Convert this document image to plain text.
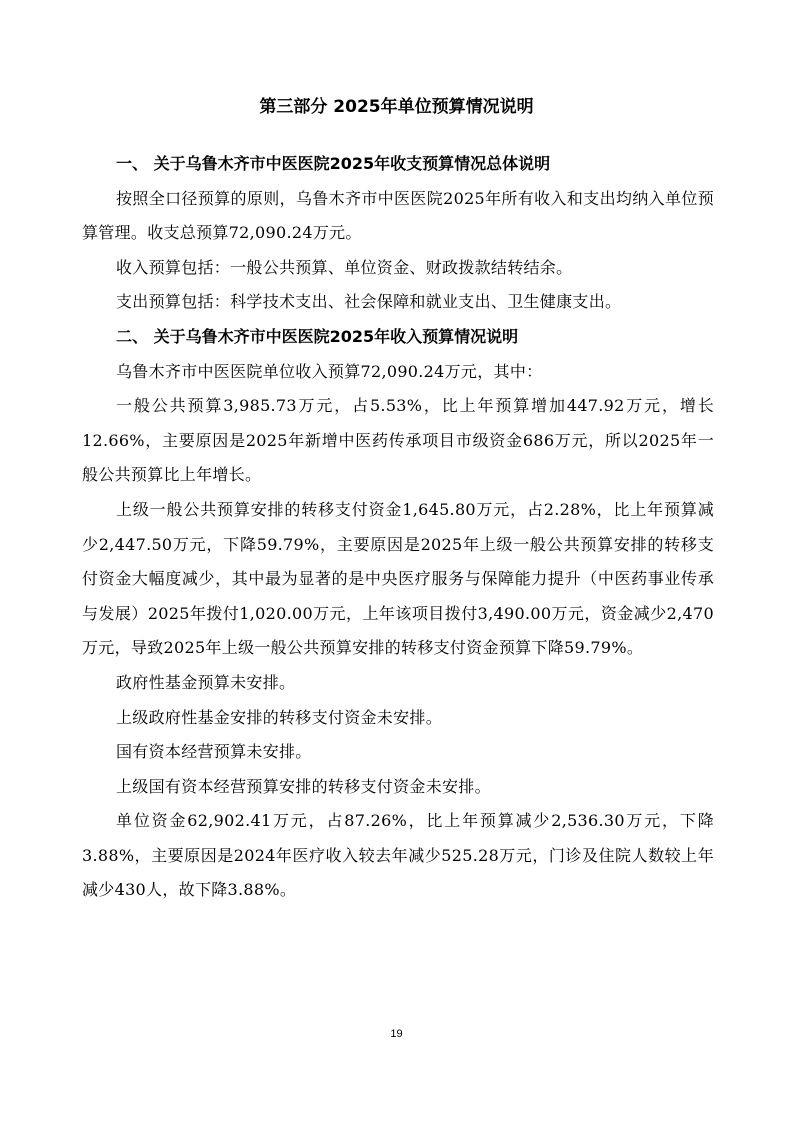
第三部分 2025年单位预算情况说明
一、 关于乌鲁木齐市中医医院2025年收支预算情况总体说明
按照全口径预算的原则，乌鲁木齐市中医医院2025年所有收入和支出均纳入单位预算管理。收支总预算72,090.24万元。
收入预算包括：一般公共预算、单位资金、财政拨款结转结余。
支出预算包括：科学技术支出、社会保障和就业支出、卫生健康支出。
二、 关于乌鲁木齐市中医医院2025年收入预算情况说明
乌鲁木齐市中医医院单位收入预算72,090.24万元，其中：
一般公共预算3,985.73万元，占5.53%，比上年预算增加447.92万元，增长12.66%，主要原因是2025年新增中医药传承项目市级资金686万元，所以2025年一般公共预算比上年增长。
上级一般公共预算安排的转移支付资金1,645.80万元，占2.28%，比上年预算减少2,447.50万元，下降59.79%，主要原因是2025年上级一般公共预算安排的转移支付资金大幅度减少，其中最为显著的是中央医疗服务与保障能力提升（中医药事业传承与发展）2025年拨付1,020.00万元，上年该项目拨付3,490.00万元，资金减少2,470万元，导致2025年上级一般公共预算安排的转移支付资金预算下降59.79%。
政府性基金预算未安排。
上级政府性基金安排的转移支付资金未安排。
国有资本经营预算未安排。
上级国有资本经营预算安排的转移支付资金未安排。
单位资金62,902.41万元，占87.26%，比上年预算减少2,536.30万元，下降3.88%，主要原因是2024年医疗收入较去年减少525.28万元，门诊及住院人数较上年减少430人，故下降3.88%。
19
